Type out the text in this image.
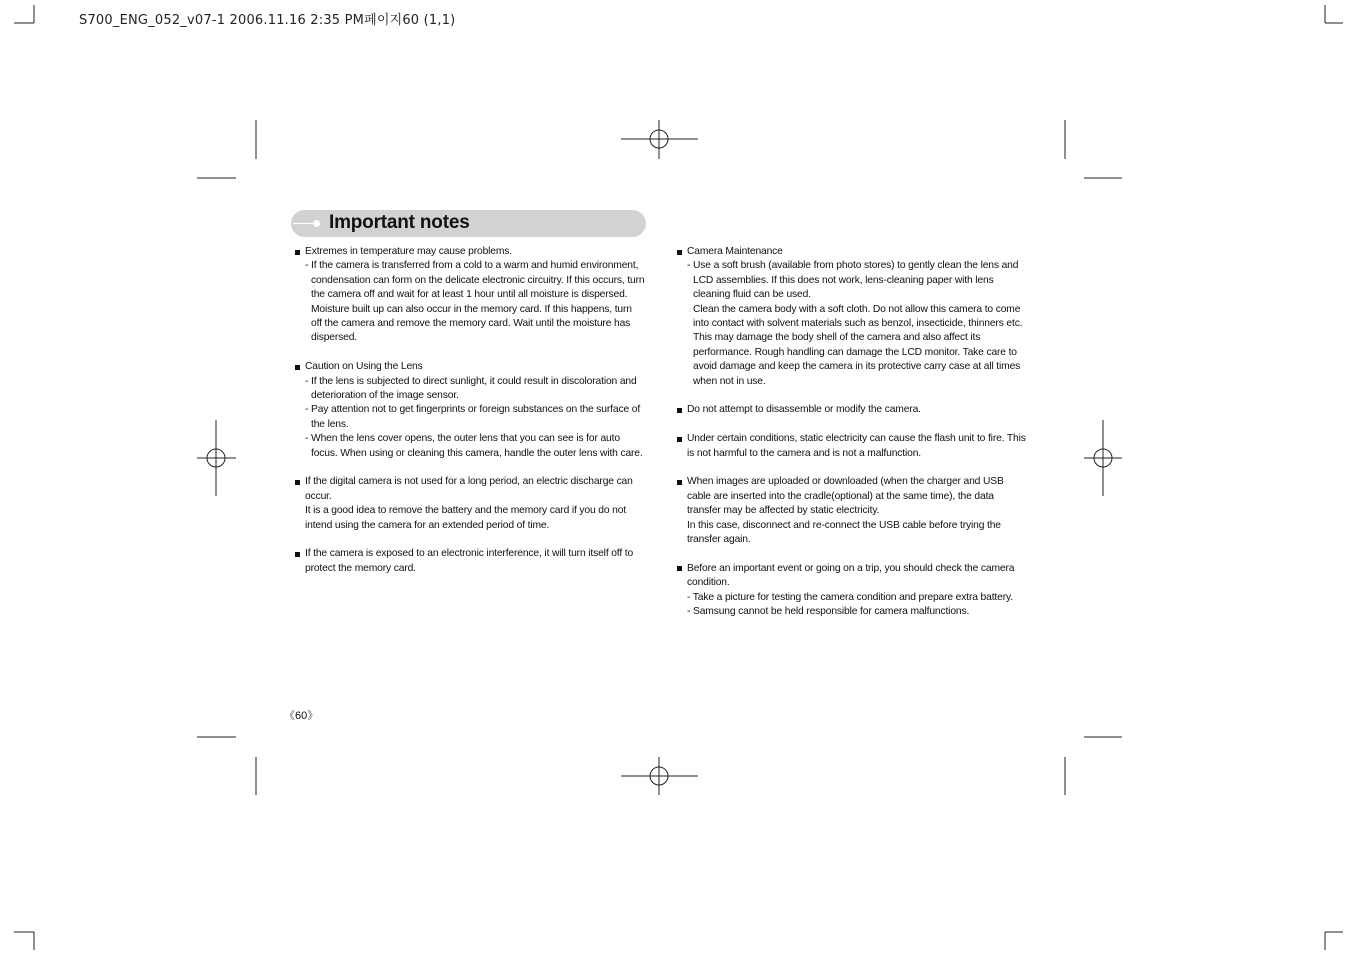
S700_ENG_052_v07-1 2006.11.16 2:35 PM페이지60 (1,1)
Important notes
Extremes in temperature may cause problems.
- If the camera is transferred from a cold to a warm and humid environment, condensation can form on the delicate electronic circuitry. If this occurs, turn the camera off and wait for at least 1 hour until all moisture is dispersed. Moisture built up can also occur in the memory card. If this happens, turn off the camera and remove the memory card. Wait until the moisture has dispersed.
Caution on Using the Lens
- If the lens is subjected to direct sunlight, it could result in discoloration and deterioration of the image sensor.
- Pay attention not to get fingerprints or foreign substances on the surface of the lens.
- When the lens cover opens, the outer lens that you can see is for auto focus. When using or cleaning this camera, handle the outer lens with care.
If the digital camera is not used for a long period, an electric discharge can occur.
It is a good idea to remove the battery and the memory card if you do not intend using the camera for an extended period of time.
If the camera is exposed to an electronic interference, it will turn itself off to protect the memory card.
Camera Maintenance
- Use a soft brush (available from photo stores) to gently clean the lens and LCD assemblies. If this does not work, lens-cleaning paper with lens cleaning fluid can be used.
Clean the camera body with a soft cloth. Do not allow this camera to come into contact with solvent materials such as benzol, insecticide, thinners etc. This may damage the body shell of the camera and also affect its performance. Rough handling can damage the LCD monitor. Take care to avoid damage and keep the camera in its protective carry case at all times when not in use.
Do not attempt to disassemble or modify the camera.
Under certain conditions, static electricity can cause the flash unit to fire. This is not harmful to the camera and is not a malfunction.
When images are uploaded or downloaded (when the charger and USB cable are inserted into the cradle(optional) at the same time), the data transfer may be affected by static electricity.
In this case, disconnect and re-connect the USB cable before trying the transfer again.
Before an important event or going on a trip, you should check the camera condition.
- Take a picture for testing the camera condition and prepare extra battery.
- Samsung cannot be held responsible for camera malfunctions.
《60》
